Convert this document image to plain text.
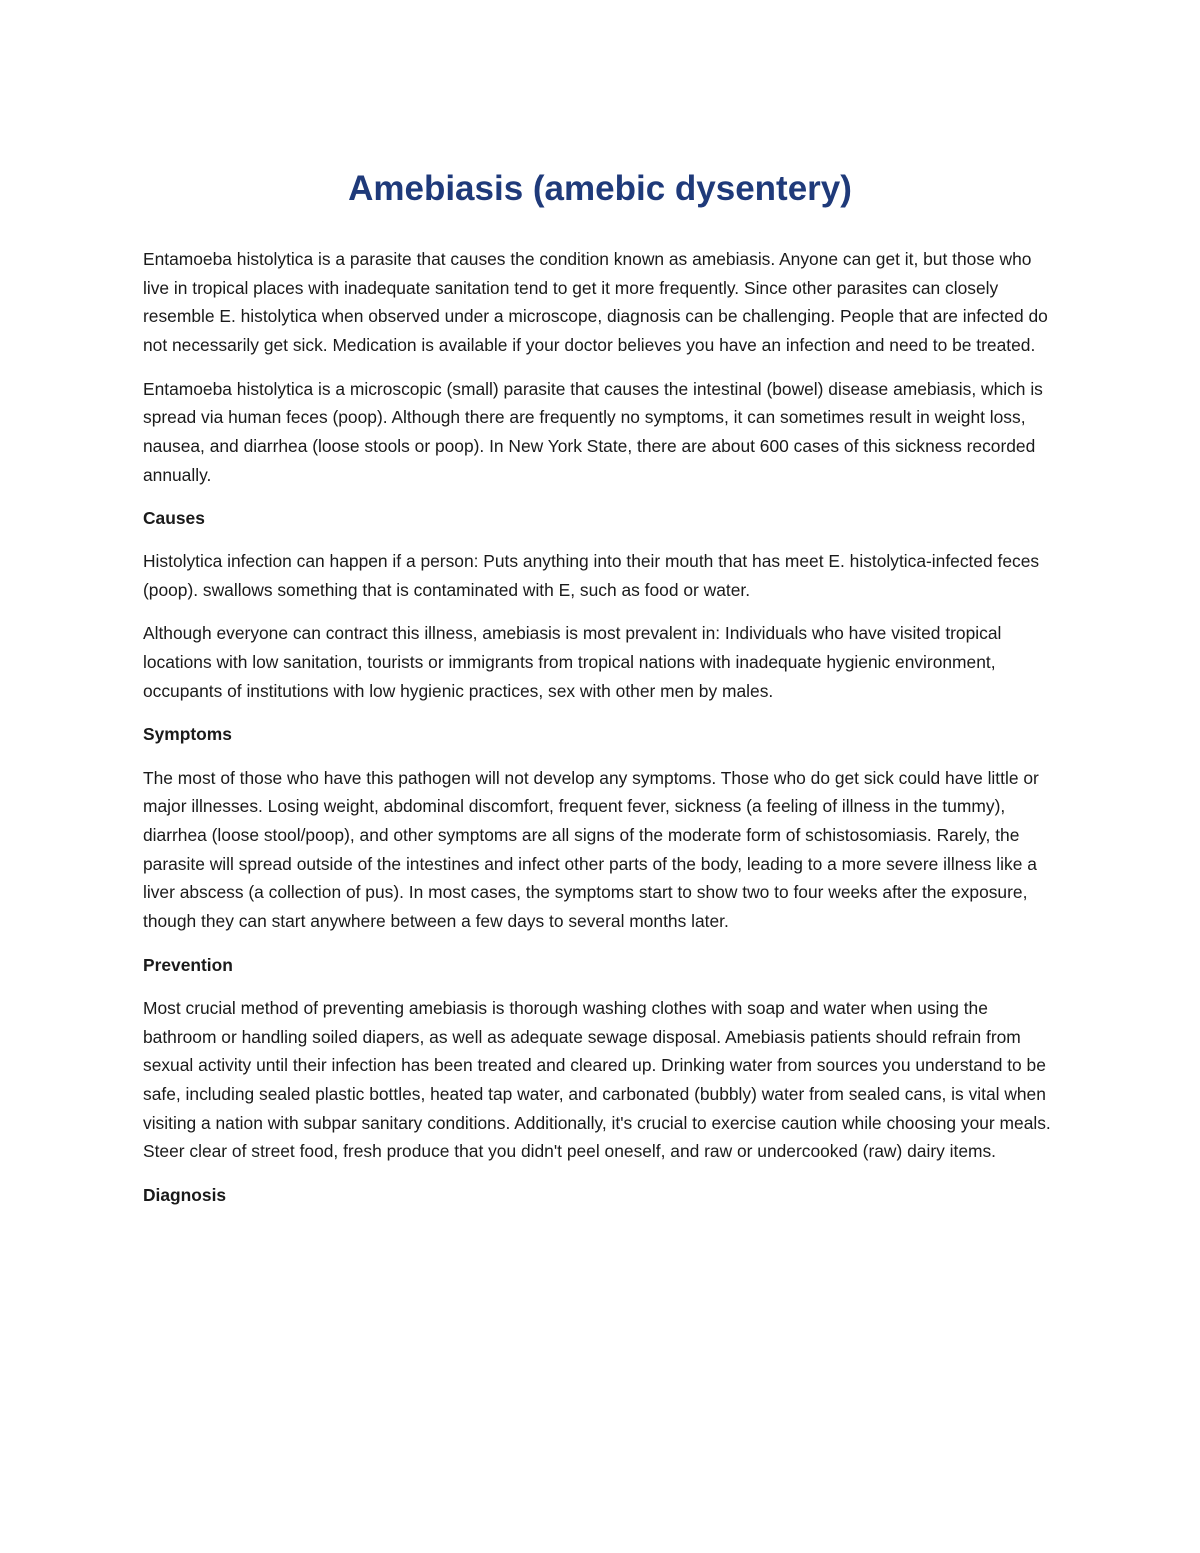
Amebiasis (amebic dysentery)

Entamoeba histolytica is a parasite that causes the condition known as amebiasis. Anyone can get it, but those who live in tropical places with inadequate sanitation tend to get it more frequently. Since other parasites can closely resemble E. histolytica when observed under a microscope, diagnosis can be challenging. People that are infected do not necessarily get sick. Medication is available if your doctor believes you have an infection and need to be treated.

Entamoeba histolytica is a microscopic (small) parasite that causes the intestinal (bowel) disease amebiasis, which is spread via human feces (poop). Although there are frequently no symptoms, it can sometimes result in weight loss, nausea, and diarrhea (loose stools or poop). In New York State, there are about 600 cases of this sickness recorded annually.

Causes

Histolytica infection can happen if a person: Puts anything into their mouth that has meet E. histolytica-infected feces (poop). swallows something that is contaminated with E, such as food or water.

Although everyone can contract this illness, amebiasis is most prevalent in: Individuals who have visited tropical locations with low sanitation, tourists or immigrants from tropical nations with inadequate hygienic environment, occupants of institutions with low hygienic practices, sex with other men by males.

Symptoms

The most of those who have this pathogen will not develop any symptoms. Those who do get sick could have little or major illnesses. Losing weight, abdominal discomfort, frequent fever, sickness (a feeling of illness in the tummy), diarrhea (loose stool/poop), and other symptoms are all signs of the moderate form of schistosomiasis. Rarely, the parasite will spread outside of the intestines and infect other parts of the body, leading to a more severe illness like a liver abscess (a collection of pus). In most cases, the symptoms start to show two to four weeks after the exposure, though they can start anywhere between a few days to several months later.

Prevention

Most crucial method of preventing amebiasis is thorough washing clothes with soap and water when using the bathroom or handling soiled diapers, as well as adequate sewage disposal. Amebiasis patients should refrain from sexual activity until their infection has been treated and cleared up. Drinking water from sources you understand to be safe, including sealed plastic bottles, heated tap water, and carbonated (bubbly) water from sealed cans, is vital when visiting a nation with subpar sanitary conditions. Additionally, it's crucial to exercise caution while choosing your meals. Steer clear of street food, fresh produce that you didn't peel oneself, and raw or undercooked (raw) dairy items.

Diagnosis
